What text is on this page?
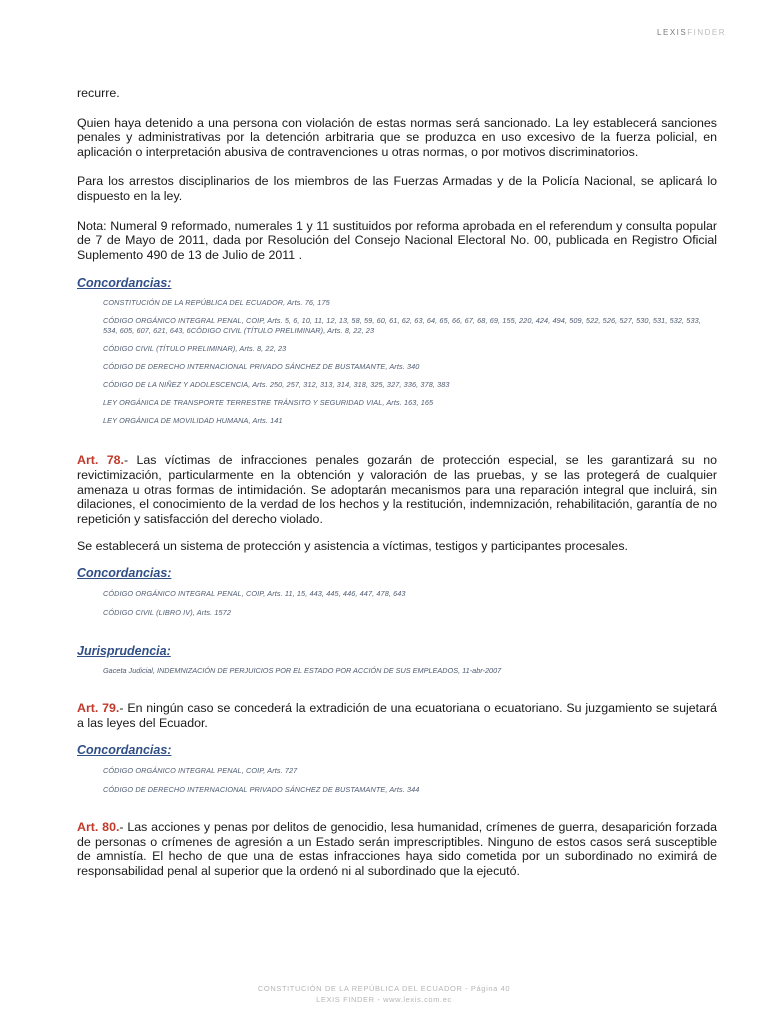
LEXISFINDER

recurre.

Quien haya detenido a una persona con violación de estas normas será sancionado. La ley establecerá sanciones penales y administrativas por la detención arbitraria que se produzca en uso excesivo de la fuerza policial, en aplicación o interpretación abusiva de contravenciones u otras normas, o por motivos discriminatorios.

Para los arrestos disciplinarios de los miembros de las Fuerzas Armadas y de la Policía Nacional, se aplicará lo dispuesto en la ley.

Nota: Numeral 9 reformado, numerales 1 y 11 sustituidos por reforma aprobada en el referendum y consulta popular de 7 de Mayo de 2011, dada por Resolución del Consejo Nacional Electoral No. 00, publicada en Registro Oficial Suplemento 490 de 13 de Julio de 2011 .

Concordancias:

CONSTITUCIÓN DE LA REPÚBLICA DEL ECUADOR, Arts. 76, 175
CÓDIGO ORGÁNICO INTEGRAL PENAL, COIP, Arts. 5, 6, 10, 11, 12, 13, 58, 59, 60, 61, 62, 63, 64, 65, 66, 67, 68, 69, 155, 220, 424, 494, 509, 522, 526, 527, 530, 531, 532, 533, 534, 605, 607, 621, 643, 6CÓDIGO CIVIL (TÍTULO PRELIMINAR), Arts. 8, 22, 23
CÓDIGO CIVIL (TÍTULO PRELIMINAR), Arts. 8, 22, 23
CÓDIGO DE DERECHO INTERNACIONAL PRIVADO SÁNCHEZ DE BUSTAMANTE, Arts. 340
CÓDIGO DE LA NIÑEZ Y ADOLESCENCIA, Arts. 250, 257, 312, 313, 314, 318, 325, 327, 336, 378, 383
LEY ORGÁNICA DE TRANSPORTE TERRESTRE TRÁNSITO Y SEGURIDAD VIAL, Arts. 163, 165
LEY ORGÁNICA DE MOVILIDAD HUMANA, Arts. 141

Art. 78.- Las víctimas de infracciones penales gozarán de protección especial, se les garantizará su no revictimización, particularmente en la obtención y valoración de las pruebas, y se las protegerá de cualquier amenaza u otras formas de intimidación. Se adoptarán mecanismos para una reparación integral que incluirá, sin dilaciones, el conocimiento de la verdad de los hechos y la restitución, indemnización, rehabilitación, garantía de no repetición y satisfacción del derecho violado.

Se establecerá un sistema de protección y asistencia a víctimas, testigos y participantes procesales.

Concordancias:

CÓDIGO ORGÁNICO INTEGRAL PENAL, COIP, Arts. 11, 15, 443, 445, 446, 447, 478, 643
CÓDIGO CIVIL (LIBRO IV), Arts. 1572

Jurisprudencia:

Gaceta Judicial, INDEMNIZACIÓN DE PERJUICIOS POR EL ESTADO POR ACCIÓN DE SUS EMPLEADOS, 11-abr-2007

Art. 79.- En ningún caso se concederá la extradición de una ecuatoriana o ecuatoriano. Su juzgamiento se sujetará a las leyes del Ecuador.

Concordancias:

CÓDIGO ORGÁNICO INTEGRAL PENAL, COIP, Arts. 727
CÓDIGO DE DERECHO INTERNACIONAL PRIVADO SÁNCHEZ DE BUSTAMANTE, Arts. 344

Art. 80.- Las acciones y penas por delitos de genocidio, lesa humanidad, crímenes de guerra, desaparición forzada de personas o crímenes de agresión a un Estado serán imprescriptibles. Ninguno de estos casos será susceptible de amnistía. El hecho de que una de estas infracciones haya sido cometida por un subordinado no eximirá de responsabilidad penal al superior que la ordenó ni al subordinado que la ejecutó.

CONSTITUCIÓN DE LA REPÚBLICA DEL ECUADOR - Página 40
LEXIS FINDER - www.lexis.com.ec
